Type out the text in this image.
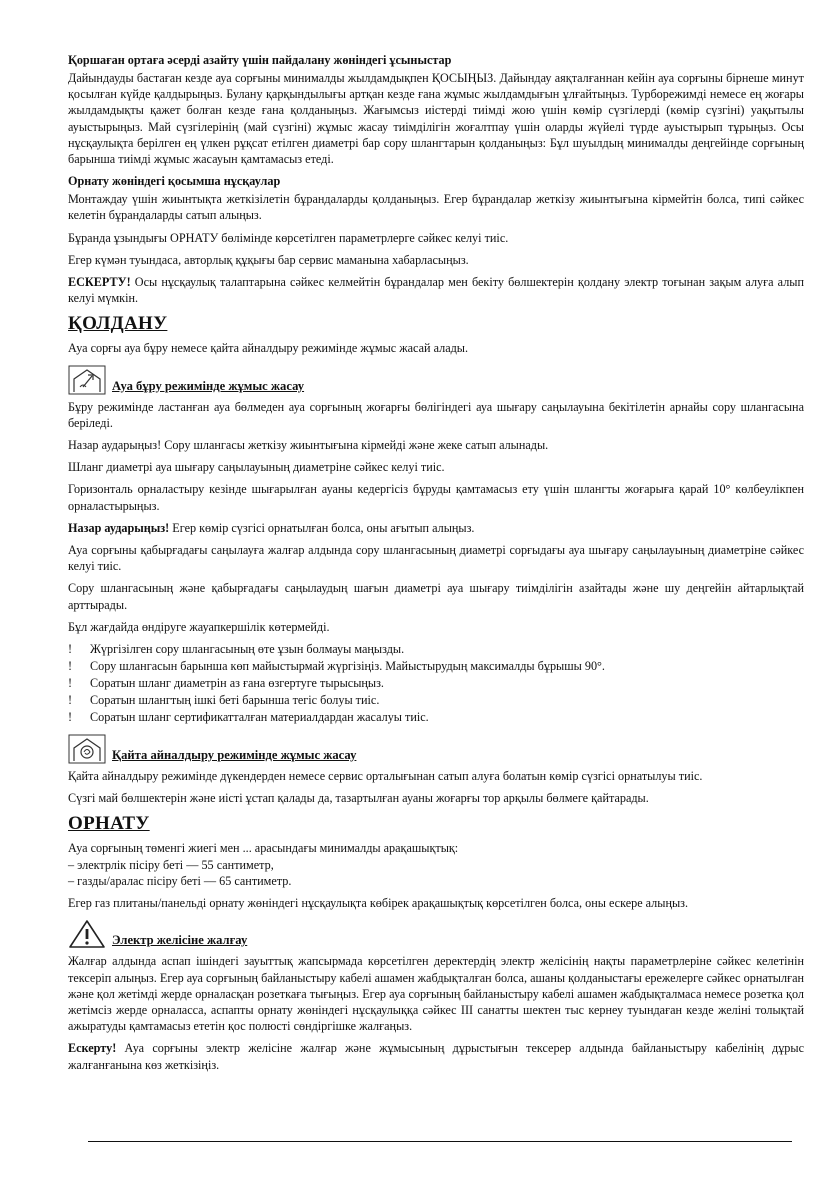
Қоршаған ортаға әсерді азайту үшін пайдалану жөніндегі ұсыныстар

Дайындауды бастаған кезде ауа сорғыны минималды жылдамдықпен ҚОСЫҢЫЗ. Дайындау аяқталғаннан кейін ауа сорғыны бірнеше минут қосылған күйде қалдырыңыз. Булану қарқындылығы артқан кезде ғана жұмыс жылдамдығын ұлғайтыңыз. Турборежимді немесе ең жоғары жылдамдықты қажет болған кезде ғана қолданыңыз. Жағымсыз иістерді тиімді жою үшін көмір сүзгілерді (көмір сүзгіні) уақытылы ауыстырыңыз. Май сүзгілерінің (май сүзгіні) жұмыс жасау тиімділігін жоғалтпау үшін оларды жүйелі түрде ауыстырып тұрыңыз. Осы нұсқаулықта берілген ең үлкен рұқсат етілген диаметрі бар сору шлангтарын қолданыңыз: Бұл шуылдың минималды деңгейінде сорғының барынша тиімді жұмыс жасауын қамтамасыз етеді.

Орнату жөніндегі қосымша нұсқаулар

Монтаждау үшін жиынтықта жеткізілетін бұрандаларды қолданыңыз. Егер бұрандалар жеткізу жиынтығына кірмейтін болса, типі сәйкес келетін бұрандаларды сатып алыңыз.

Бұранда ұзындығы ОРНАТУ бөлімінде көрсетілген параметрлерге сәйкес келуі тиіс.

Егер күмән туындаса, авторлық құқығы бар сервис маманына хабарласыңыз.

ЕСКЕРТУ! Осы нұсқаулық талаптарына сәйкес келмейтін бұрандалар мен бекіту бөлшектерін қолдану электр тоғынан зақым алуға алып келуі мүмкін.

ҚОЛДАНУ

Ауа сорғы ауа бұру немесе қайта айналдыру режимінде жұмыс жасай алады.

Ауа бұру режимінде жұмыс жасау

Бұру режимінде ластанған ауа бөлмеден ауа сорғының жоғарғы бөлігіндегі ауа шығару саңылауына бекітілетін арнайы сору шлангасына беріледі.

Назар аударыңыз! Сору шлангасы жеткізу жиынтығына кірмейді және жеке сатып алынады.

Шланг диаметрі ауа шығару саңылауының диаметріне сәйкес келуі тиіс.

Горизонталь орналастыру кезінде шығарылған ауаны кедергісіз бұруды қамтамасыз ету үшін шлангты жоғарыға қарай 10° көлбеулікпен орналастырыңыз.

Назар аударыңыз! Егер көмір сүзгісі орнатылған болса, оны ағытып алыңыз.

Ауа сорғыны қабырғадағы саңылауға жалғар алдында сору шлангасының диаметрі сорғыдағы ауа шығару саңылауының диаметріне сәйкес келуі тиіс.

Сору шлангасының және қабырғадағы саңылаудың шағын диаметрі ауа шығару тиімділігін азайтады және шу деңгейін айтарлықтай арттырады.

Бұл жағдайда өндіруге жауапкершілік көтермейді.

!	Жүргізілген сору шлангасының өте ұзын болмауы маңызды.
!	Сору шлангасын барынша көп майыстырмай жүргізіңіз. Майыстырудың максималды бұрышы 90°.
!	Соратын шланг диаметрін аз ғана өзгертуге тырысыңыз.
!	Соратын шлангтың ішкі беті барынша тегіс болуы тиіс.
!	Соратын шланг сертификатталған материалдардан жасалуы тиіс.
Қайта айналдыру режимінде жұмыс жасау

Қайта айналдыру режимінде дүкендерден немесе сервис орталығынан сатып алуға болатын көмір сүзгісі орнатылуы тиіс.

Сүзгі май бөлшектерін және иісті ұстап қалады да, тазартылған ауаны жоғарғы тор арқылы бөлмеге қайтарады.

ОРНАТУ

Ауа сорғының төменгі жиегі мен ... арасындағы минималды арақашықтық:

– электрлік пісіру беті — 55 сантиметр,

– газды/аралас пісіру беті — 65 сантиметр.

Егер газ плитаны/панельді орнату жөніндегі нұсқаулықта көбірек арақашықтық көрсетілген болса, оны ескере алыңыз.

Электр желісіне жалғау

Жалғар алдында аспап ішіндегі зауыттық жапсырмада көрсетілген деректердің электр желісінің нақты параметрлеріне сәйкес келетінін тексеріп алыңыз. Егер ауа сорғының байланыстыру кабелі ашамен жабдықталған болса, ашаны қолданыстағы ережелерге сәйкес орнатылған және қол жетімді жерде орналасқан розеткаға тығыңыз. Егер ауа сорғының байланыстыру кабелі ашамен жабдықталмаса немесе розетка қол жетімсіз жерде орналасса, аспапты орнату жөніндегі нұсқаулыққа сәйкес III санатты шектен тыс кернеу туындаған кезде желіні толықтай ажыратуды қамтамасыз ететін қос полюсті сөндіргішке жалғаңыз.

Ескерту! Ауа сорғыны электр желісіне жалғар және жұмысының дұрыстығын тексерер алдында байланыстыру кабелінің дұрыс жалғанғанына көз жеткізіңіз.
